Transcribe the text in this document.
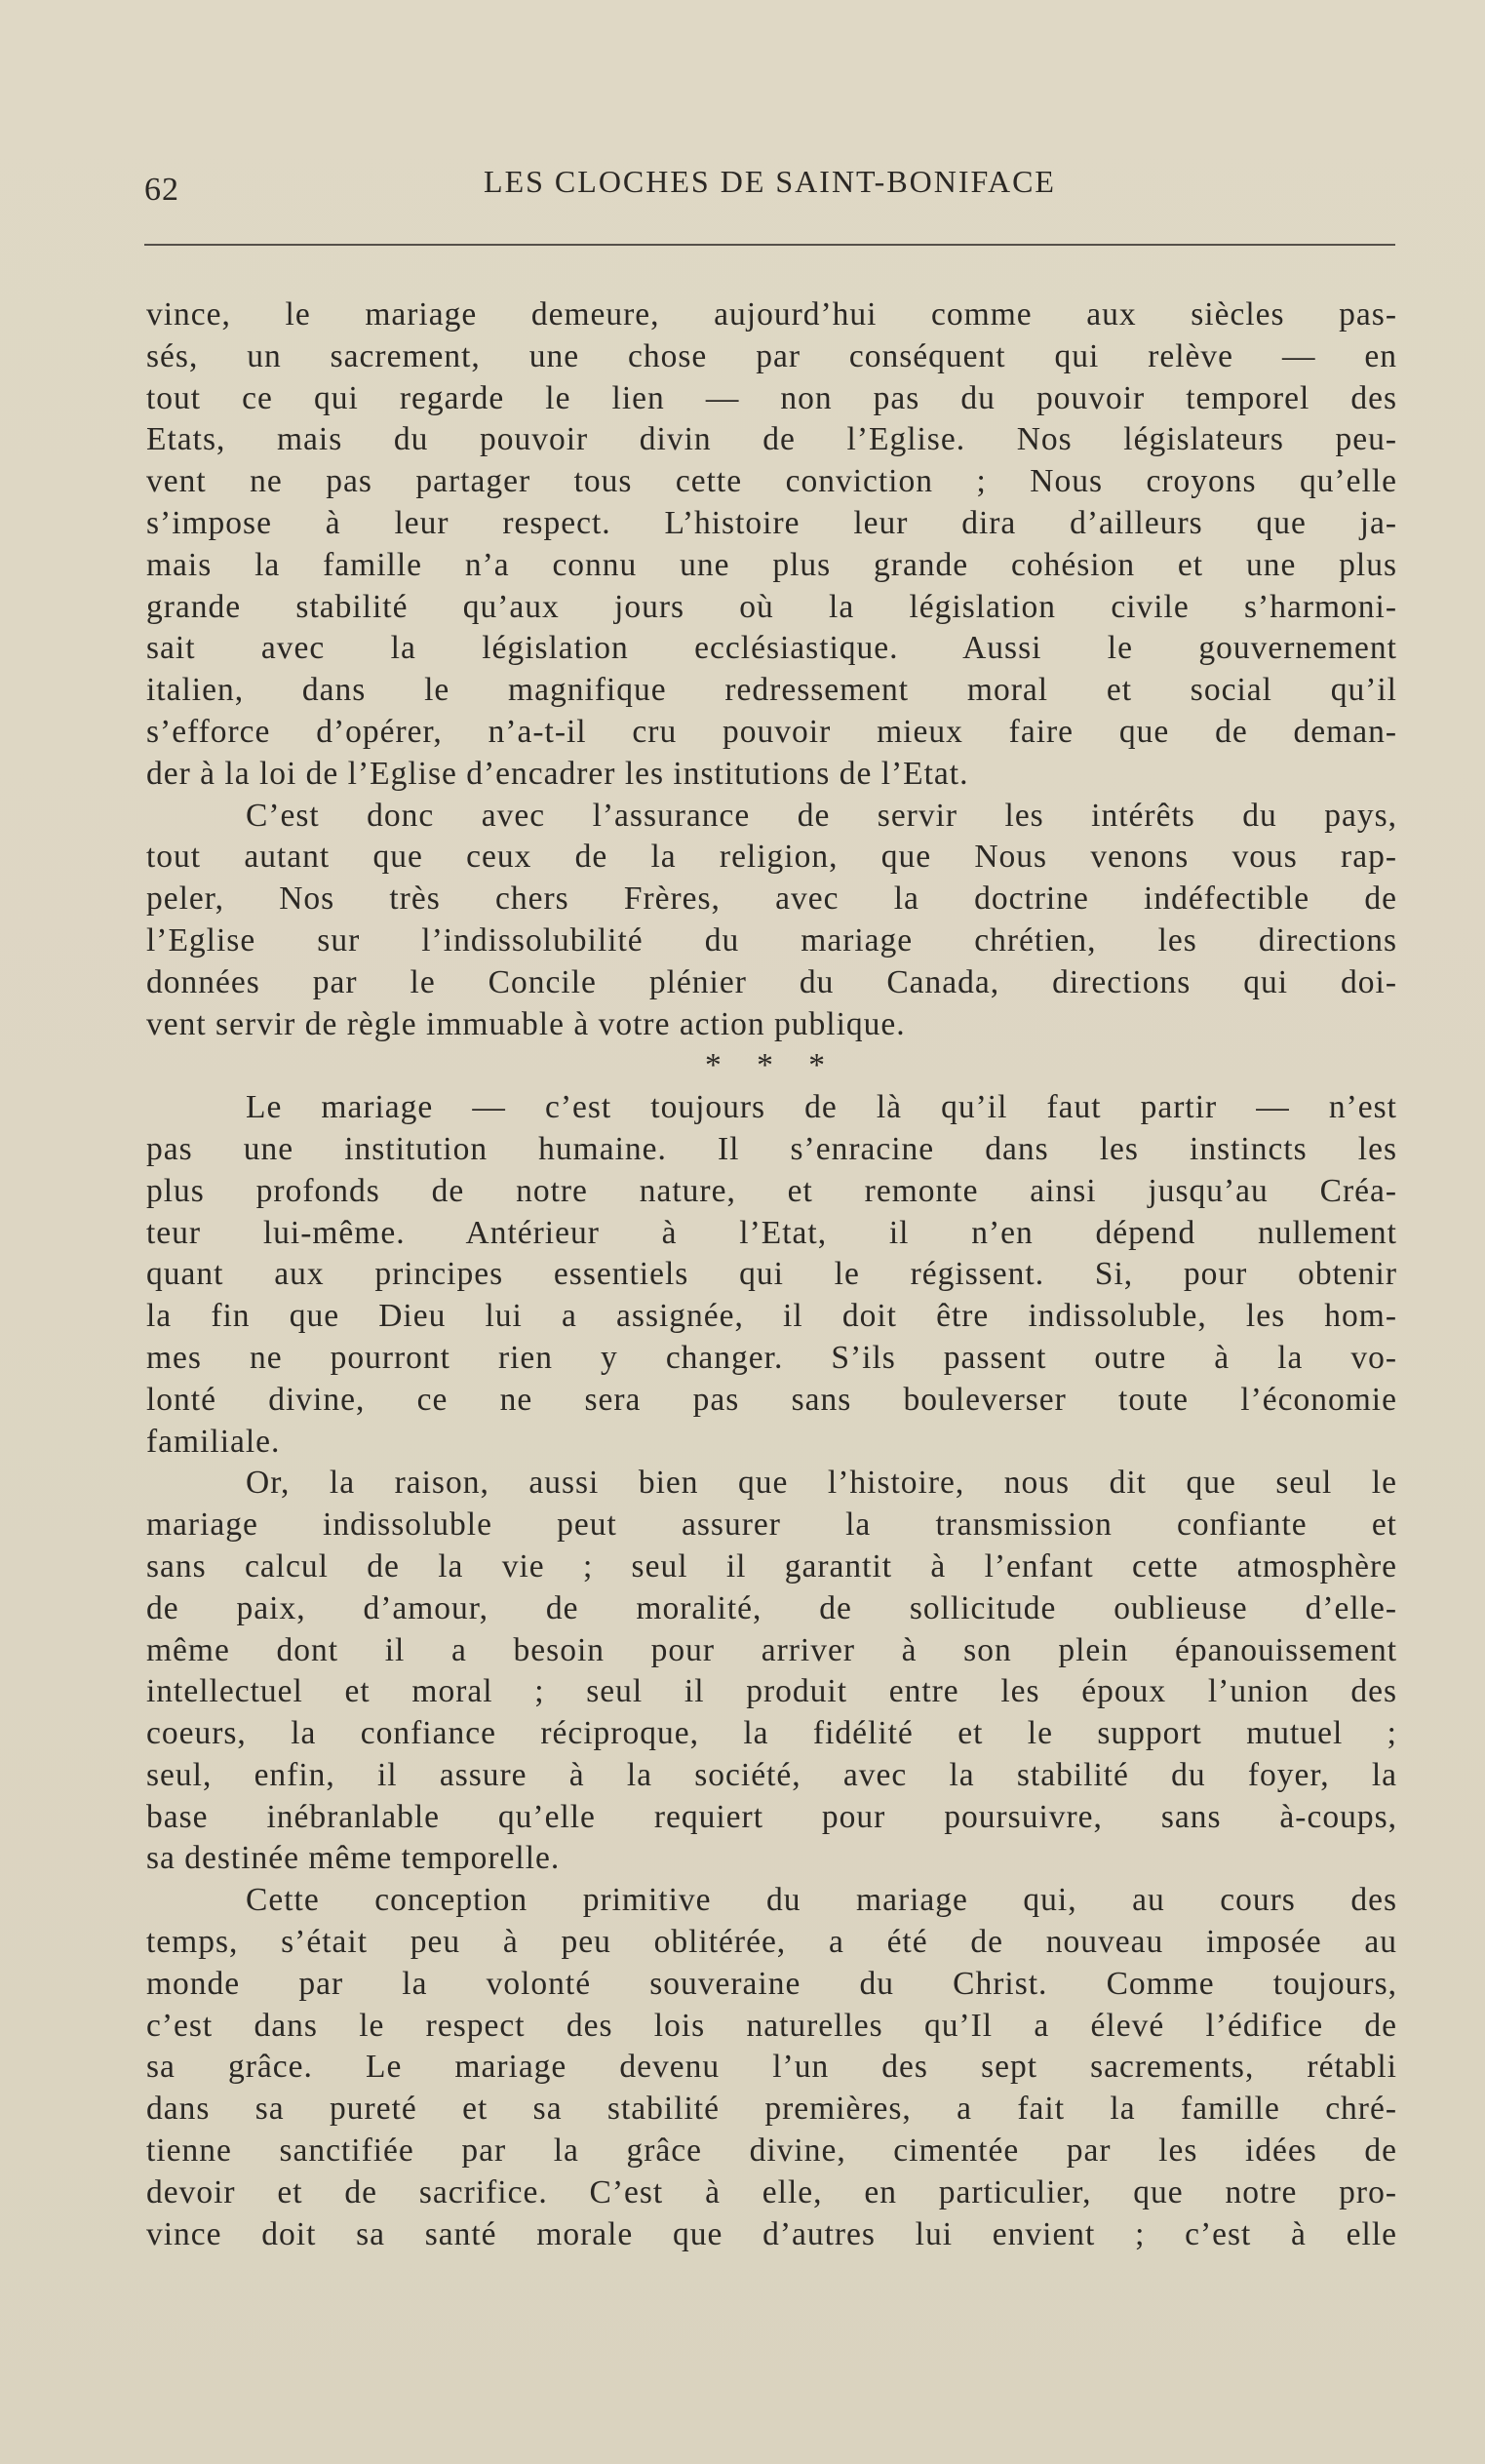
62	LES CLOCHES DE SAINT-BONIFACE
vince, le mariage demeure, aujourd’hui comme aux siècles pas-
sés, un sacrement, une chose par conséquent qui relève — en
tout ce qui regarde le lien — non pas du pouvoir temporel des
Etats, mais du pouvoir divin de l’Eglise. Nos législateurs peu-
vent ne pas partager tous cette conviction ; Nous croyons qu’elle
s’impose à leur respect. L’histoire leur dira d’ailleurs que ja-
mais la famille n’a connu une plus grande cohésion et une plus
grande stabilité qu’aux jours où la législation civile s’harmoni-
sait avec la législation ecclésiastique. Aussi le gouvernement
italien, dans le magnifique redressement moral et social qu’il
s’efforce d’opérer, n’a-t-il cru pouvoir mieux faire que de deman-
der à la loi de l’Eglise d’encadrer les institutions de l’Etat.
C’est donc avec l’assurance de servir les intérêts du pays,
tout autant que ceux de la religion, que Nous venons vous rap-
peler, Nos très chers Frères, avec la doctrine indéfectible de
l’Eglise sur l’indissolubilité du mariage chrétien, les directions
données par le Concile plénier du Canada, directions qui doi-
vent servir de règle immuable à votre action publique.
* * *
Le mariage — c’est toujours de là qu’il faut partir — n’est
pas une institution humaine. Il s’enracine dans les instincts les
plus profonds de notre nature, et remonte ainsi jusqu’au Créa-
teur lui-même. Antérieur à l’Etat, il n’en dépend nullement
quant aux principes essentiels qui le régissent. Si, pour obtenir
la fin que Dieu lui a assignée, il doit être indissoluble, les hom-
mes ne pourront rien y changer. S’ils passent outre à la vo-
lonté divine, ce ne sera pas sans bouleverser toute l’économie
familiale.
Or, la raison, aussi bien que l’histoire, nous dit que seul le
mariage indissoluble peut assurer la transmission confiante et
sans calcul de la vie ; seul il garantit à l’enfant cette atmosphère
de paix, d’amour, de moralité, de sollicitude oublieuse d’elle-
même dont il a besoin pour arriver à son plein épanouissement
intellectuel et moral ; seul il produit entre les époux l’union des
coeurs, la confiance réciproque, la fidélité et le support mutuel ;
seul, enfin, il assure à la société, avec la stabilité du foyer, la
base inébranlable qu’elle requiert pour poursuivre, sans à-coups,
sa destinée même temporelle.
Cette conception primitive du mariage qui, au cours des
temps, s’était peu à peu oblitérée, a été de nouveau imposée au
monde par la volonté souveraine du Christ. Comme toujours,
c’est dans le respect des lois naturelles qu’Il a élevé l’édifice de
sa grâce. Le mariage devenu l’un des sept sacrements, rétabli
dans sa pureté et sa stabilité premières, a fait la famille chré-
tienne sanctifiée par la grâce divine, cimentée par les idées de
devoir et de sacrifice. C’est à elle, en particulier, que notre pro-
vince doit sa santé morale que d’autres lui envient ; c’est à elle
